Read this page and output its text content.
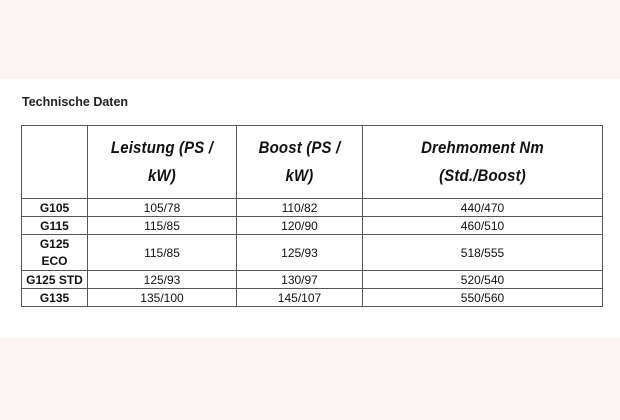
Technische Daten
	Leistung (PS / kW)	Boost (PS / kW)	Drehmoment Nm (Std./Boost)
G105	105/78	110/82	440/470
G115	115/85	120/90	460/510
G125 ECO	115/85	125/93	518/555
G125 STD	125/93	130/97	520/540
G135	135/100	145/107	550/560
